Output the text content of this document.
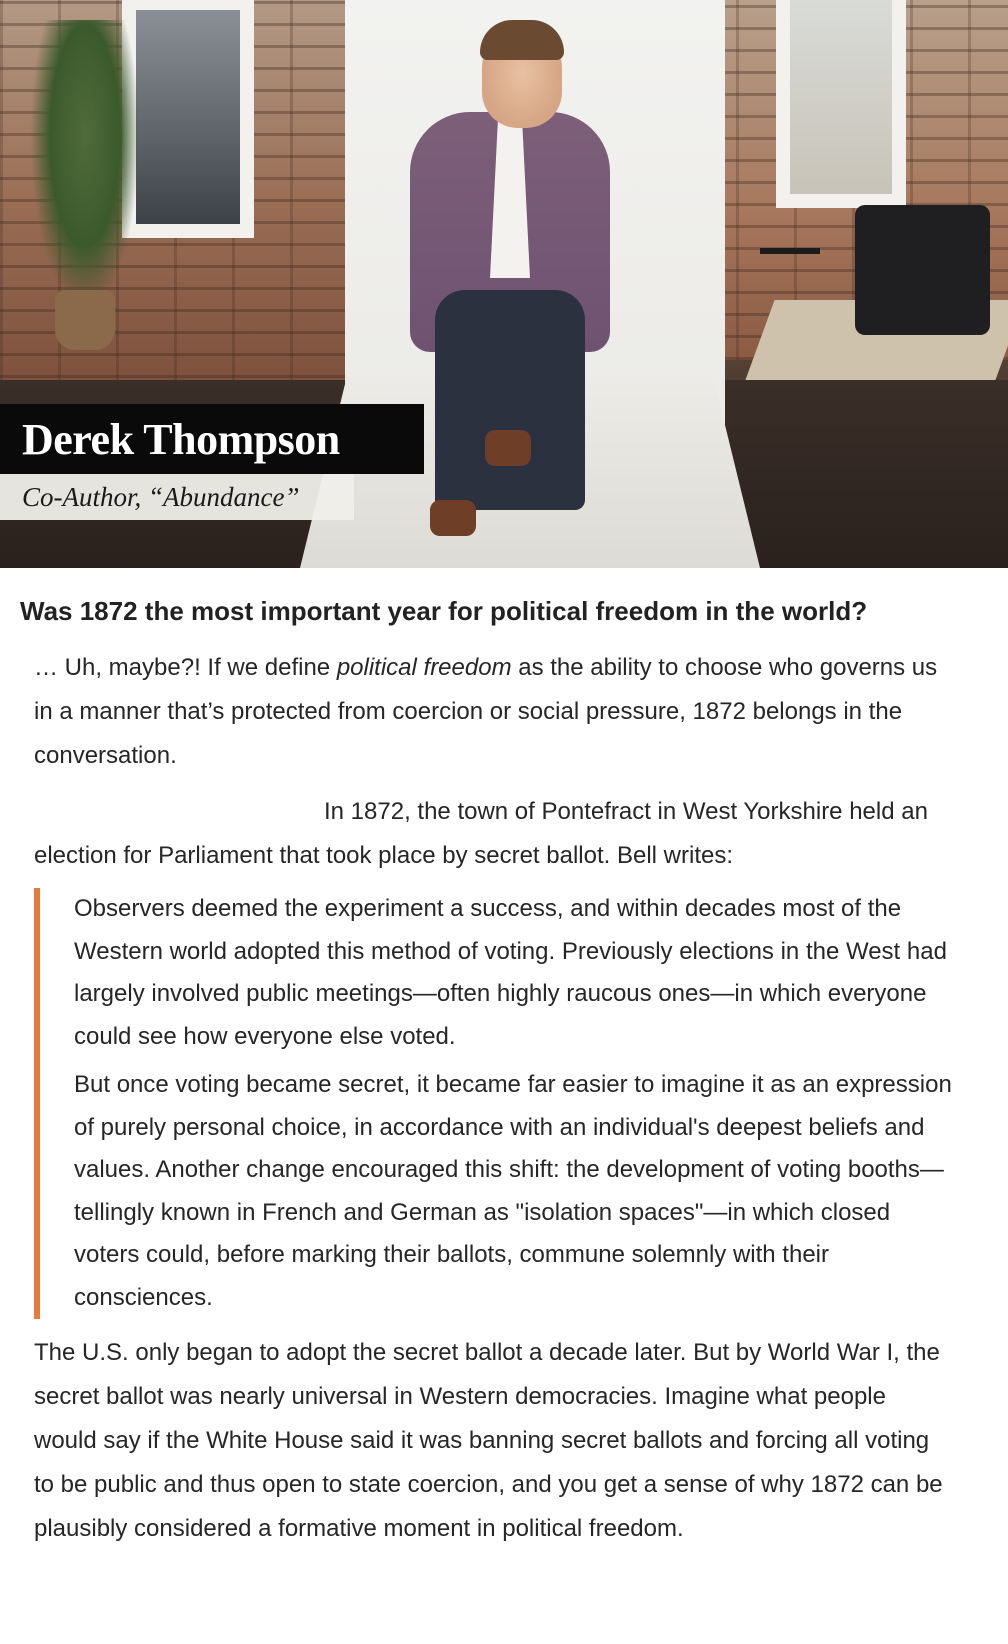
Derek Thompson
Co-Author, “Abundance”
Was 1872 the most important year for political freedom in the world?

… Uh, maybe?! If we define political freedom as the ability to choose who governs us in a manner that’s protected from coercion or social pressure, 1872 belongs in the conversation.

In 1872, the town of Pontefract in West Yorkshire held an election for Parliament that took place by secret ballot. Bell writes:

Observers deemed the experiment a success, and within decades most of the Western world adopted this method of voting. Previously elections in the West had largely involved public meetings—often highly raucous ones—in which everyone could see how everyone else voted.

But once voting became secret, it became far easier to imagine it as an expression of purely personal choice, in accordance with an individual's deepest beliefs and values. Another change encouraged this shift: the development of voting booths— tellingly known in French and German as "isolation spaces"—in which closed voters could, before marking their ballots, commune solemnly with their consciences.

The U.S. only began to adopt the secret ballot a decade later. But by World War I, the secret ballot was nearly universal in Western democracies. Imagine what people would say if the White House said it was banning secret ballots and forcing all voting to be public and thus open to state coercion, and you get a sense of why 1872 can be plausibly considered a formative moment in political freedom.
